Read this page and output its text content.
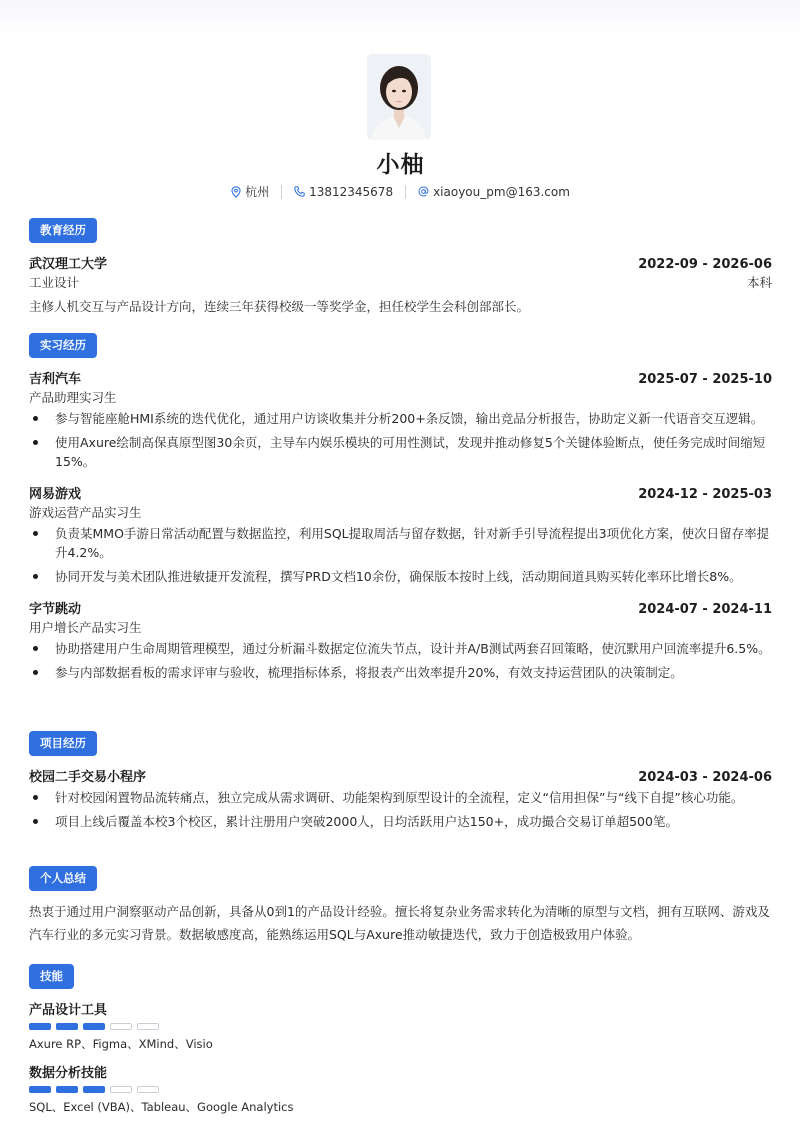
小柚
杭州	13812345678	xiaoyou_pm@163.com
教育经历
武汉理工大学	2022-09 - 2026-06
工业设计	本科
主修人机交互与产品设计方向，连续三年获得校级一等奖学金，担任校学生会科创部部长。
实习经历
吉利汽车	2025-07 - 2025-10
产品助理实习生
参与智能座舱HMI系统的迭代优化，通过用户访谈收集并分析200+条反馈，输出竞品分析报告，协助定义新一代语音交互逻辑。
使用Axure绘制高保真原型图30余页，主导车内娱乐模块的可用性测试，发现并推动修复5个关键体验断点，使任务完成时间缩短15%。
网易游戏	2024-12 - 2025-03
游戏运营产品实习生
负责某MMO手游日常活动配置与数据监控，利用SQL提取周活与留存数据，针对新手引导流程提出3项优化方案，使次日留存率提升4.2%。
协同开发与美术团队推进敏捷开发流程，撰写PRD文档10余份，确保版本按时上线，活动期间道具购买转化率环比增长8%。
字节跳动	2024-07 - 2024-11
用户增长产品实习生
协助搭建用户生命周期管理模型，通过分析漏斗数据定位流失节点，设计并A/B测试两套召回策略，使沉默用户回流率提升6.5%。
参与内部数据看板的需求评审与验收，梳理指标体系，将报表产出效率提升20%，有效支持运营团队的决策制定。
项目经历
校园二手交易小程序	2024-03 - 2024-06
针对校园闲置物品流转痛点，独立完成从需求调研、功能架构到原型设计的全流程，定义“信用担保”与“线下自提”核心功能。
项目上线后覆盖本校3个校区，累计注册用户突破2000人，日均活跃用户达150+，成功撮合交易订单超500笔。
个人总结
热衷于通过用户洞察驱动产品创新，具备从0到1的产品设计经验。擅长将复杂业务需求转化为清晰的原型与文档，拥有互联网、游戏及汽车行业的多元实习背景。数据敏感度高，能熟练运用SQL与Axure推动敏捷迭代，致力于创造极致用户体验。
技能
产品设计工具
Axure RP、Figma、XMind、Visio
数据分析技能
SQL、Excel (VBA)、Tableau、Google Analytics
